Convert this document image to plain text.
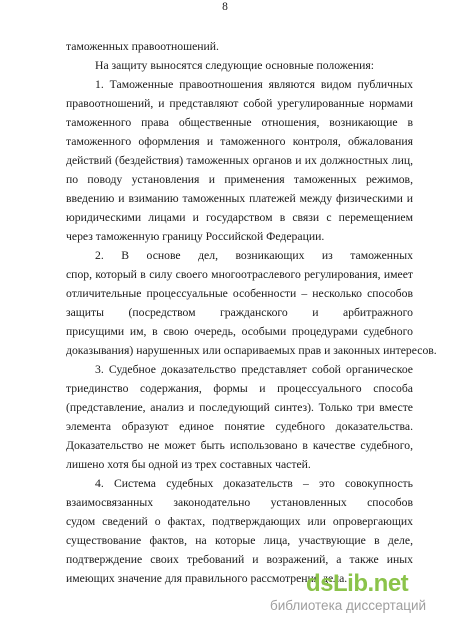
8
таможенных правоотношений.
На защиту выносятся следующие основные положения:
1. Таможенные правоотношения являются видом публичных
правоотношений, и представляют собой урегулированные нормами
таможенного права общественные отношения, возникающие в
таможенного оформления и таможенного контроля, обжалования
действий (бездействия) таможенных органов и их должностных лиц,
по поводу установления и применения таможенных режимов,
введению и взиманию таможенных платежей между физическими и
юридическими лицами и государством в связи с перемещением
через таможенную границу Российской Федерации.
2. В основе дел, возникающих из таможенных
спор, который в силу своего многоотраслевого регулирования, имеет
отличительные процессуальные особенности – несколько способов
защиты (посредством гражданского и арбитражного
присущими им, в свою очередь, особыми процедурами судебного
доказывания) нарушенных или оспариваемых прав и законных интересов.
3. Судебное доказательство представляет собой органическое
триединство содержания, формы и процессуального способа
(представление, анализ и последующий синтез). Только три вместе
элемента образуют единое понятие судебного доказательства.
Доказательство не может быть использовано в качестве судебного,
лишено хотя бы одной из трех составных частей.
4. Система судебных доказательств – это совокупность
взаимосвязанных законодательно установленных способов
судом сведений о фактах, подтверждающих или опровергающих
существование фактов, на которые лица, участвующие в деле,
подтверждение своих требований и возражений, а также иных
имеющих значение для правильного рассмотрения дела.
dsLib.net
библиотека диссертаций
